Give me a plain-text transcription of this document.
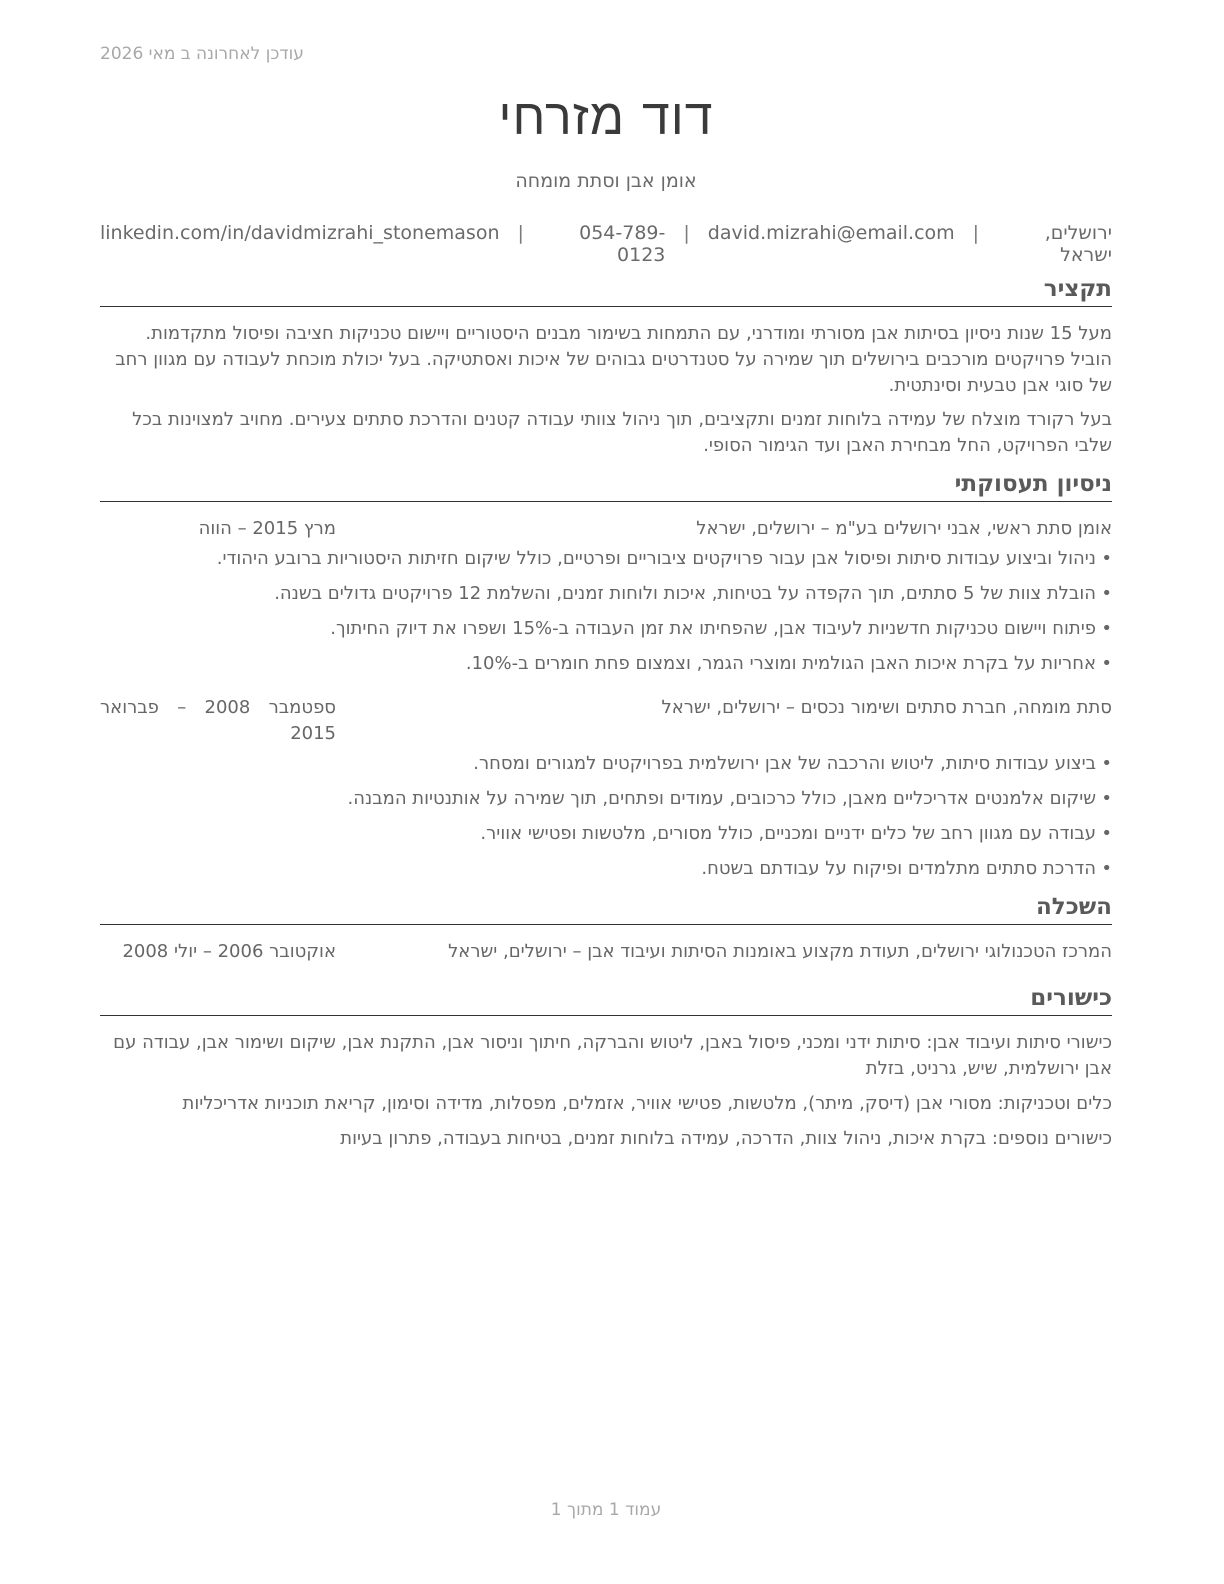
עודכן לאחרונה ב מאי 2026
דוד מזרחי
אומן אבן וסתת מומחה
ירושלים, ישראל
|
david.mizrahi@email.com
|
054-789-0123
|
linkedin.com/in/davidmizrahi_stonemason
תקציר

מעל 15 שנות ניסיון בסיתות אבן מסורתי ומודרני, עם התמחות בשימור מבנים היסטוריים ויישום טכניקות חציבה ופיסול מתקדמות. הוביל פרויקטים מורכבים בירושלים תוך שמירה על סטנדרטים גבוהים של איכות ואסתטיקה. בעל יכולת מוכחת לעבודה עם מגוון רחב של סוגי אבן טבעית וסינתטית.

בעל רקורד מוצלח של עמידה בלוחות זמנים ותקציבים, תוך ניהול צוותי עבודה קטנים והדרכת סתתים צעירים. מחויב למצוינות בכל שלבי הפרויקט, החל מבחירת האבן ועד הגימור הסופי.

ניסיון תעסוקתי
אומן סתת ראשי, אבני ירושלים בע"מ – ירושלים, ישראל
מרץ 2015 – הווה
•
ניהול וביצוע עבודות סיתות ופיסול אבן עבור פרויקטים ציבוריים ופרטיים, כולל שיקום חזיתות היסטוריות ברובע היהודי.
•
הובלת צוות של 5 סתתים, תוך הקפדה על בטיחות, איכות ולוחות זמנים, והשלמת 12 פרויקטים גדולים בשנה.
•
פיתוח ויישום טכניקות חדשניות לעיבוד אבן, שהפחיתו את זמן העבודה ב-15% ושפרו את דיוק החיתוך.
•
אחריות על בקרת איכות האבן הגולמית ומוצרי הגמר, וצמצום פחת חומרים ב-10%.
סתת מומחה, חברת סתתים ושימור נכסים – ירושלים, ישראל
ספטמבר 2008 – פברואר 2015
•
ביצוע עבודות סיתות, ליטוש והרכבה של אבן ירושלמית בפרויקטים למגורים ומסחר.
•
שיקום אלמנטים אדריכליים מאבן, כולל כרכובים, עמודים ופתחים, תוך שמירה על אותנטיות המבנה.
•
עבודה עם מגוון רחב של כלים ידניים ומכניים, כולל מסורים, מלטשות ופטישי אוויר.
•
הדרכת סתתים מתלמדים ופיקוח על עבודתם בשטח.
השכלה
המרכז הטכנולוגי ירושלים, תעודת מקצוע באומנות הסיתות ועיבוד אבן – ירושלים, ישראל
אוקטובר 2006 – יולי 2008
כישורים

כישורי סיתות ועיבוד אבן: סיתות ידני ומכני, פיסול באבן, ליטוש והברקה, חיתוך וניסור אבן, התקנת אבן, שיקום ושימור אבן, עבודה עם אבן ירושלמית, שיש, גרניט, בזלת

כלים וטכניקות: מסורי אבן (דיסק, מיתר), מלטשות, פטישי אוויר, אזמלים, מפסלות, מדידה וסימון, קריאת תוכניות אדריכליות

כישורים נוספים: בקרת איכות, ניהול צוות, הדרכה, עמידה בלוחות זמנים, בטיחות בעבודה, פתרון בעיות

עמוד 1 מתוך 1
